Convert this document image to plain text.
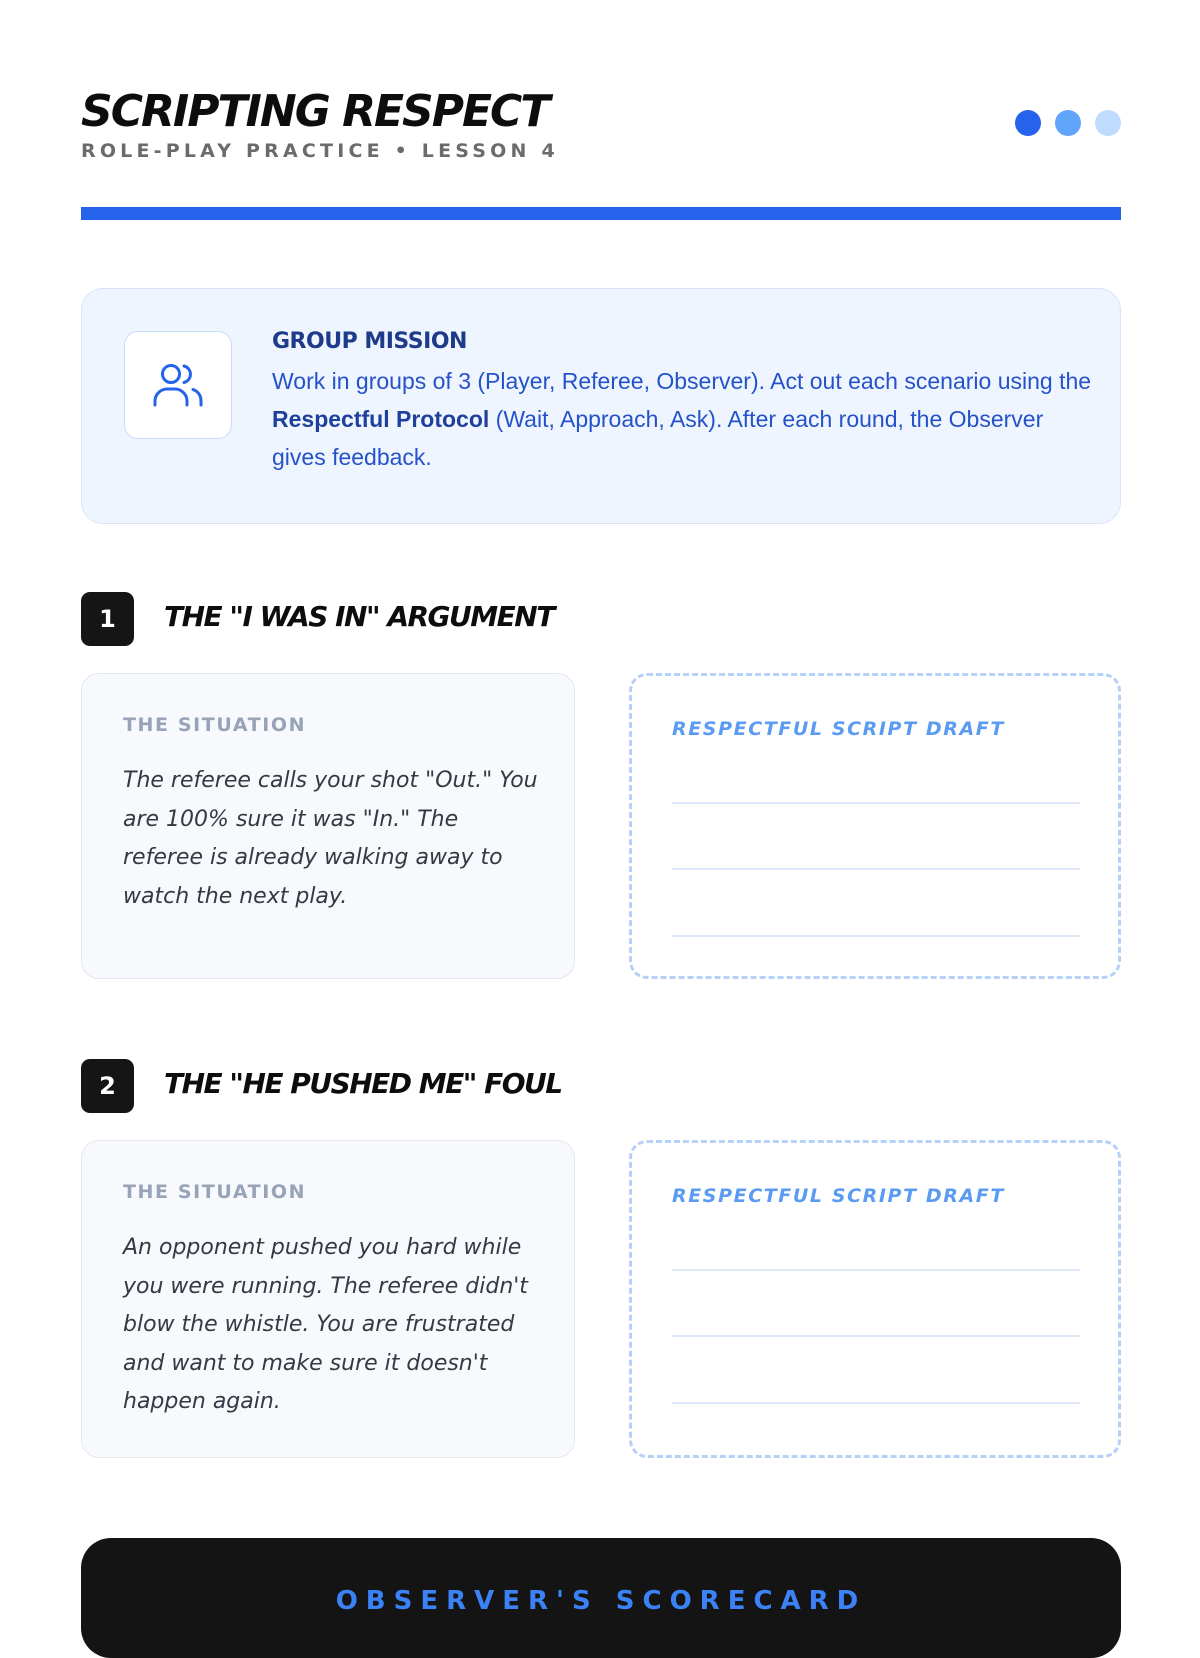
SCRIPTING RESPECT
ROLE-PLAY PRACTICE • LESSON 4
GROUP MISSION
Work in groups of 3 (Player, Referee, Observer). Act out each scenario using the Respectful Protocol (Wait, Approach, Ask). After each round, the Observer gives feedback.
1	THE "I WAS IN" ARGUMENT
THE SITUATION
The referee calls your shot "Out." You are 100% sure it was "In." The referee is already walking away to watch the next play.
RESPECTFUL SCRIPT DRAFT
2	THE "HE PUSHED ME" FOUL
THE SITUATION
An opponent pushed you hard while you were running. The referee didn't blow the whistle. You are frustrated and want to make sure it doesn't happen again.
RESPECTFUL SCRIPT DRAFT
OBSERVER'S SCORECARD
